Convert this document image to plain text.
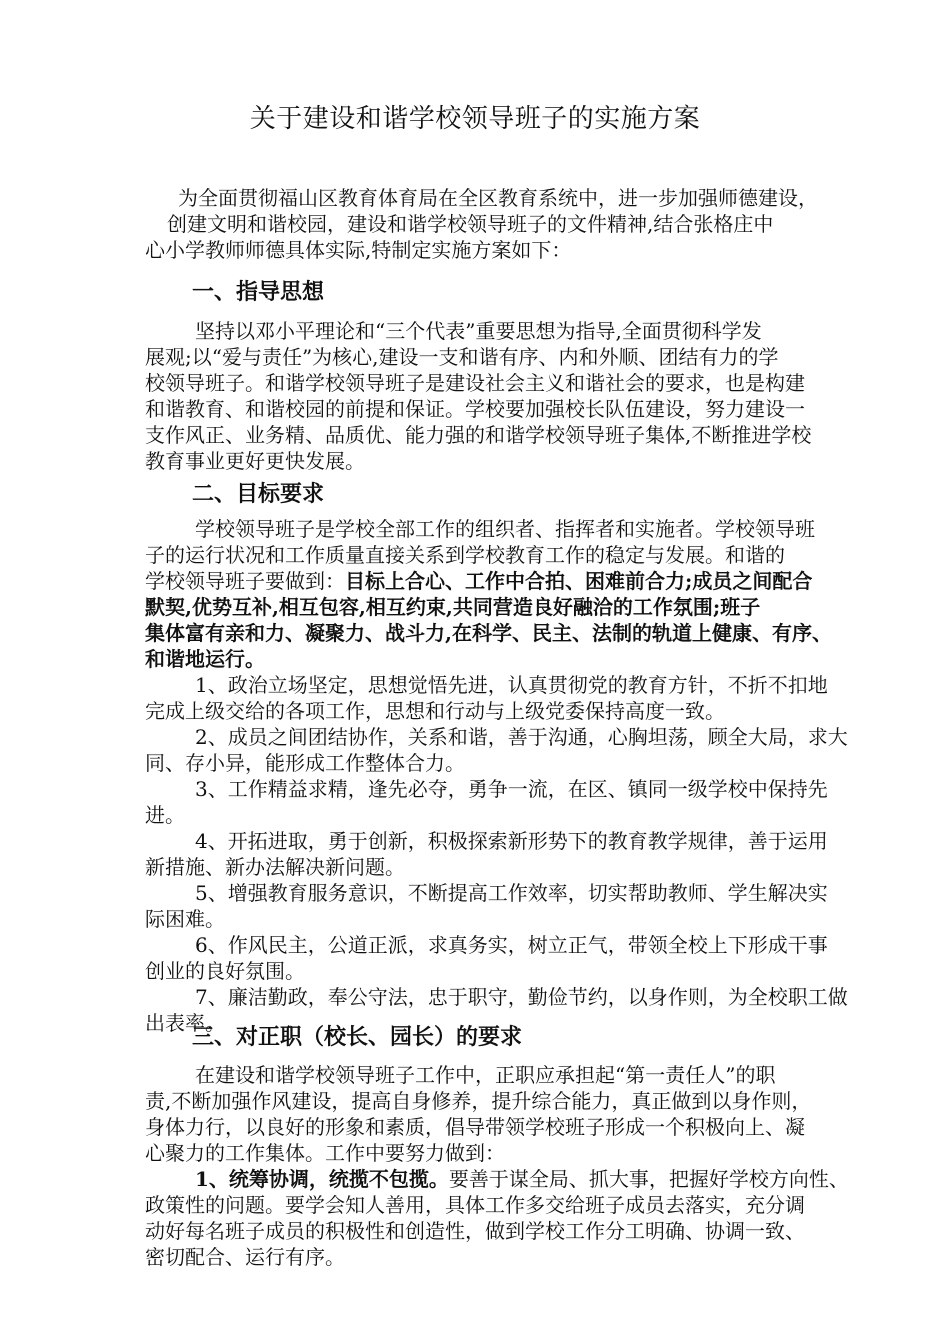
关于建设和谐学校领导班子的实施方案
为全面贯彻福山区教育体育局在全区教育系统中，进一步加强师德建设，
创建文明和谐校园，建设和谐学校领导班子的文件精神,结合张格庄中
心小学教师师德具体实际,特制定实施方案如下：
一、指导思想
坚持以邓小平理论和“三个代表”重要思想为指导,全面贯彻科学发
展观;以“爱与责任”为核心,建设一支和谐有序、内和外顺、团结有力的学
校领导班子。和谐学校领导班子是建设社会主义和谐社会的要求，也是构建
和谐教育、和谐校园的前提和保证。学校要加强校长队伍建设，努力建设一
支作风正、业务精、品质优、能力强的和谐学校领导班子集体,不断推进学校
教育事业更好更快发展。
二、目标要求
学校领导班子是学校全部工作的组织者、指挥者和实施者。学校领导班
子的运行状况和工作质量直接关系到学校教育工作的稳定与发展。和谐的
学校领导班子要做到：目标上合心、工作中合拍、困难前合力;成员之间配合
默契,优势互补,相互包容,相互约束,共同营造良好融洽的工作氛围;班子
集体富有亲和力、凝聚力、战斗力,在科学、民主、法制的轨道上健康、有序、
和谐地运行。
1、政治立场坚定，思想觉悟先进，认真贯彻党的教育方针，不折不扣地
完成上级交给的各项工作，思想和行动与上级党委保持高度一致。
2、成员之间团结协作，关系和谐，善于沟通，心胸坦荡，顾全大局，求大
同、存小异，能形成工作整体合力。
3、工作精益求精，逢先必夺，勇争一流，在区、镇同一级学校中保持先
进。
4、开拓进取，勇于创新，积极探索新形势下的教育教学规律，善于运用
新措施、新办法解决新问题。
5、增强教育服务意识，不断提高工作效率，切实帮助教师、学生解决实
际困难。
6、作风民主，公道正派，求真务实，树立正气，带领全校上下形成干事
创业的良好氛围。
7、廉洁勤政，奉公守法，忠于职守，勤俭节约，以身作则，为全校职工做
出表率。
三、对正职（校长、园长）的要求
在建设和谐学校领导班子工作中，正职应承担起“第一责任人”的职
责,不断加强作风建设，提高自身修养，提升综合能力，真正做到以身作则，
身体力行，以良好的形象和素质，倡导带领学校班子形成一个积极向上、凝
心聚力的工作集体。工作中要努力做到：
1、统筹协调，统揽不包揽。要善于谋全局、抓大事，把握好学校方向性、
政策性的问题。要学会知人善用，具体工作多交给班子成员去落实，充分调
动好每名班子成员的积极性和创造性，做到学校工作分工明确、协调一致、
密切配合、运行有序。
